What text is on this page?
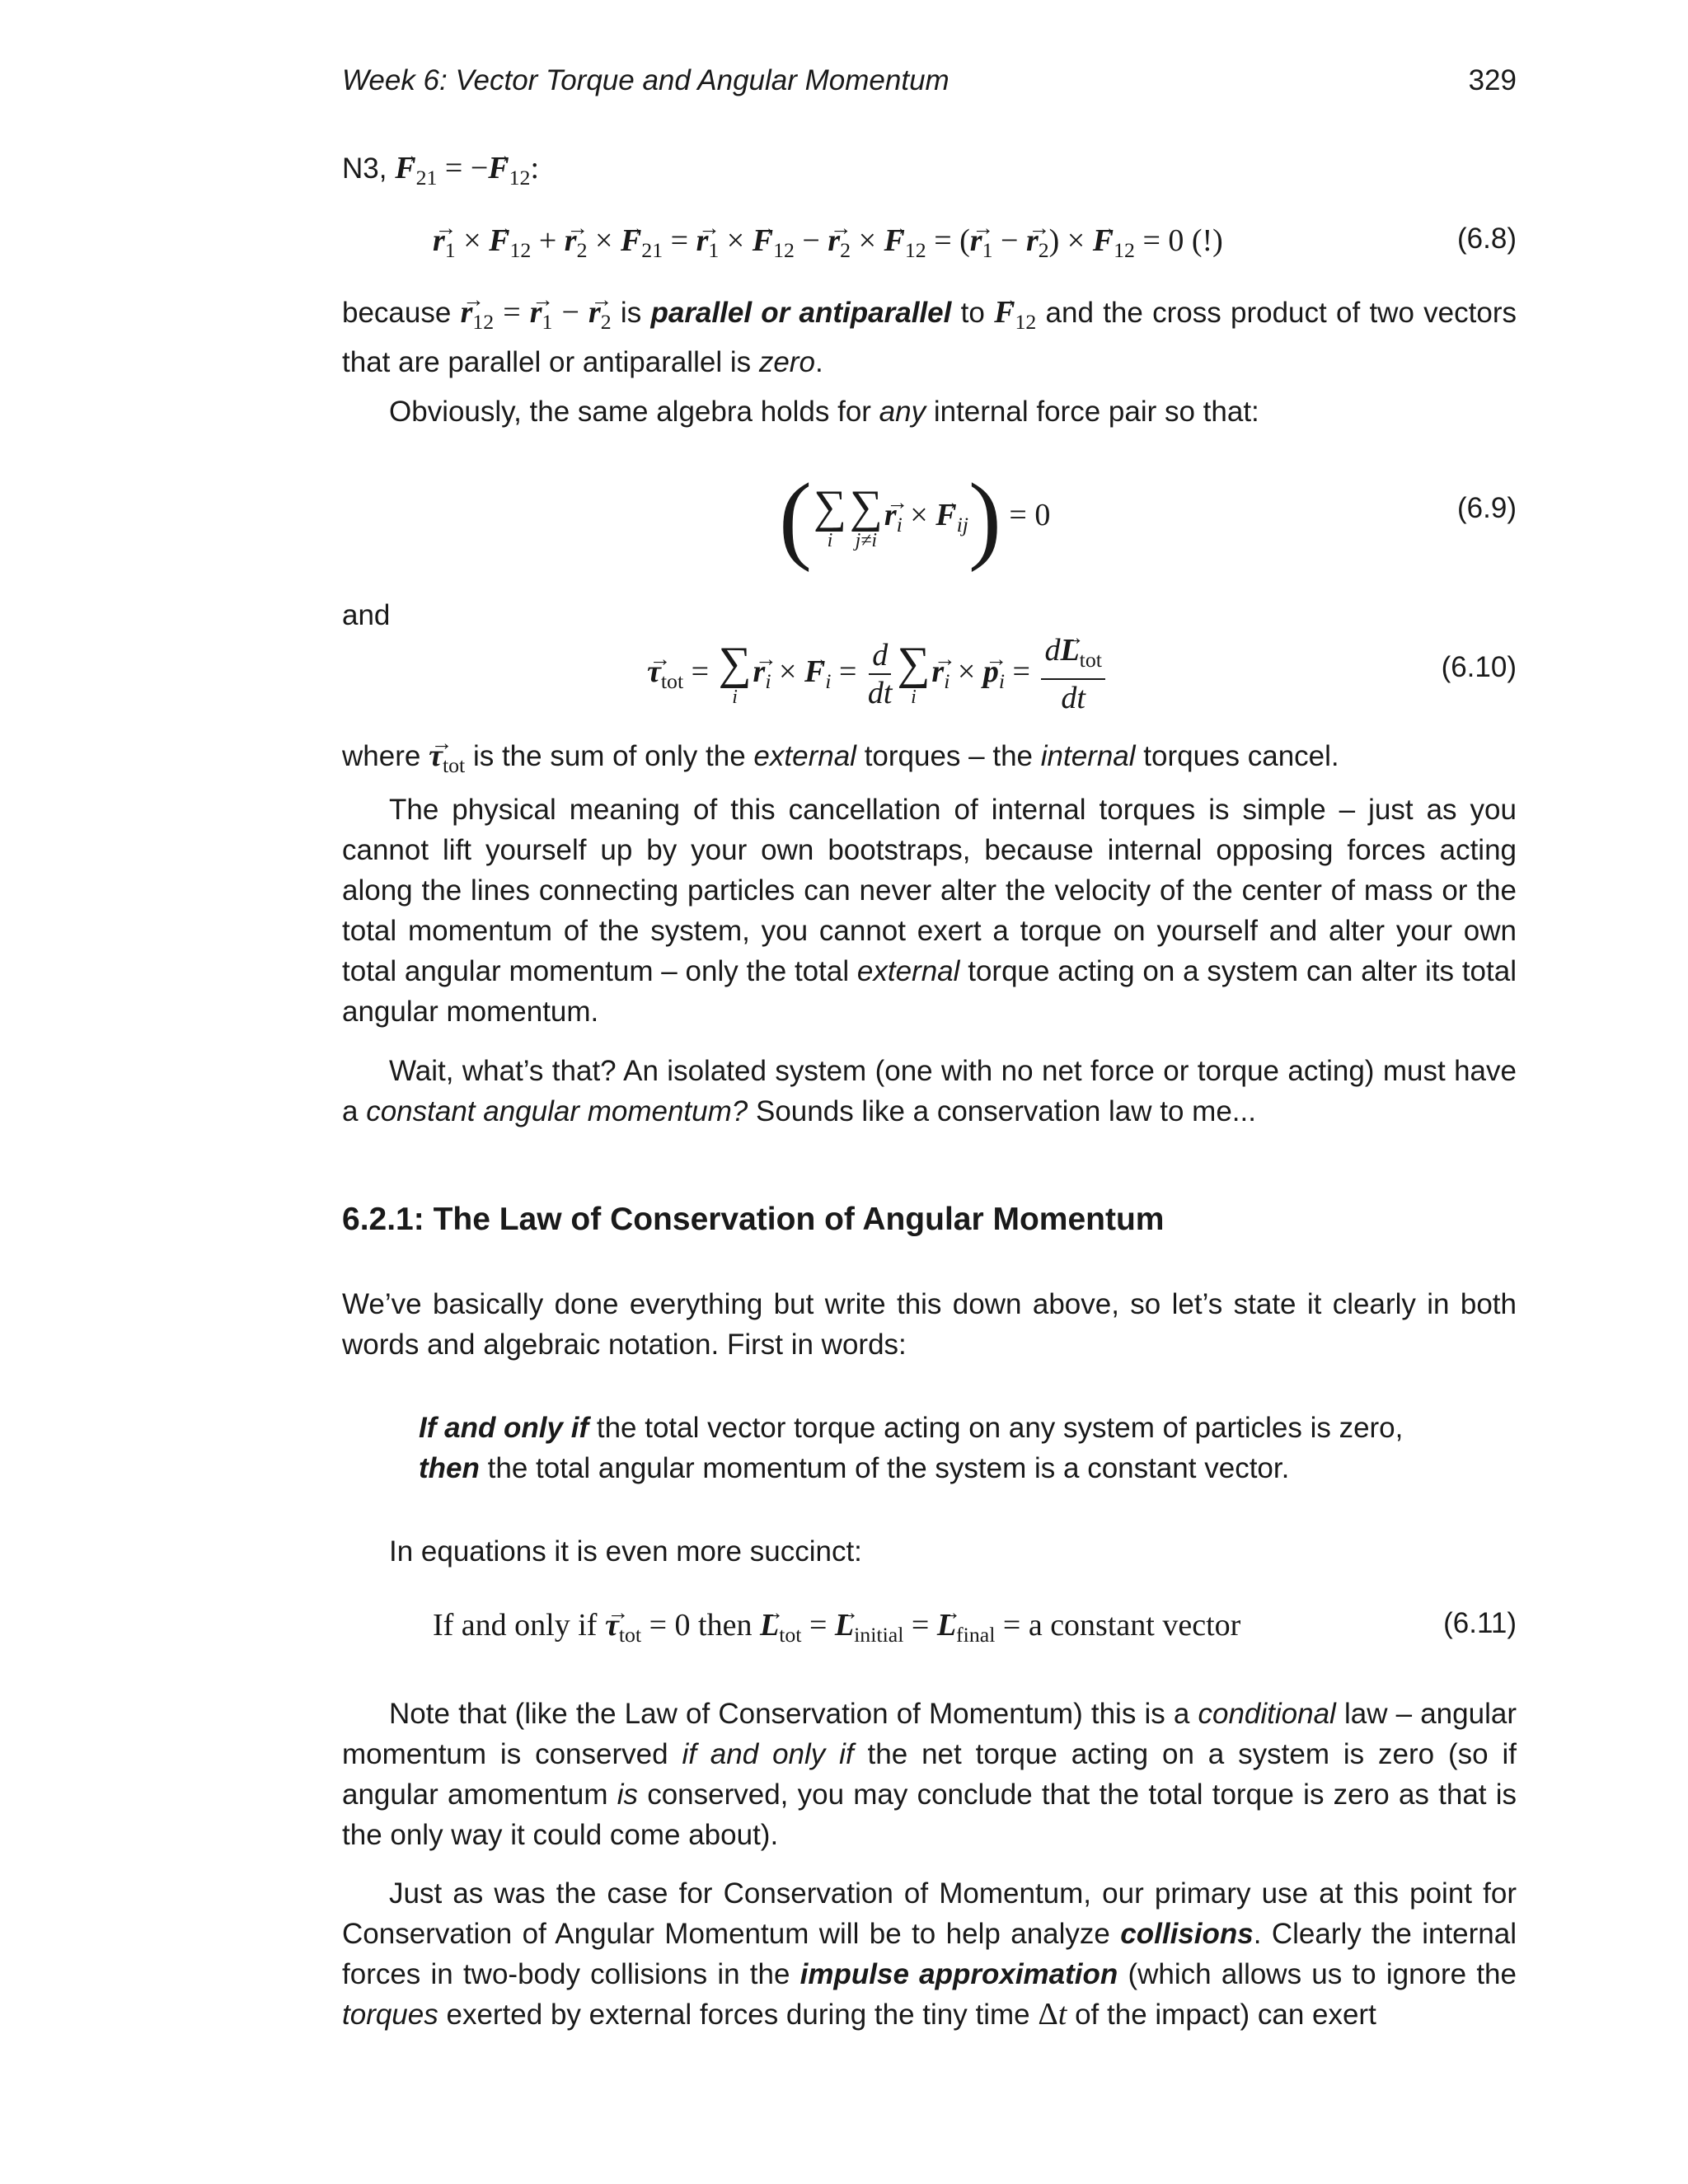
Week 6: Vector Torque and Angular Momentum	329
N3, → $F_{21}$ = −→ $F_{12}$:
→ $r_1$ × → $F_{12}$ + → $r_2$ × → $F_{21}$ = → $r_1$ × → $F_{12}$ − → $r_2$ × → $F_{12}$ = (→ $r_1$ − → $r_2$) × → $F_{12} = 0$ (!)	(6.8)

because → $r_{12}$ = → $r_1$ − → $r_2$ is parallel or antiparallel to → $F_{12}$ and the cross product of two vectors that are parallel or antiparallel is zero.

Obviously, the same algebra holds for any internal force pair so that:

( ∑
i
∑
j≠i
→ $r_i$ × → $F_{ij}) = 0$	(6.9)
and
→ $\tau_{tot}$ = ∑
i
→ $r_i$ × → $F_i = \frac{d}{dt}$ ∑
i
→ $r_i$ × → $p_i = \frac{d\to L_{tot}}{dt}$	(6.10)

where → $\tau_{tot}$ is the sum of only the external torques – the internal torques cancel.

The physical meaning of this cancellation of internal torques is simple – just as you cannot lift yourself up by your own bootstraps, because internal opposing forces acting along the lines connecting particles can never alter the velocity of the center of mass or the total momentum of the system, you cannot exert a torque on yourself and alter your own total angular momentum – only the total external torque acting on a system can alter its total angular momentum.

Wait, what’s that? An isolated system (one with no net force or torque acting) must have a constant angular momentum? Sounds like a conservation law to me...

6.2.1: The Law of Conservation of Angular Momentum

We’ve basically done everything but write this down above, so let’s state it clearly in both words and algebraic notation. First in words:

If and only if the total vector torque acting on any system of particles is zero,

then the total angular momentum of the system is a constant vector.

In equations it is even more succinct:

If and only if → $\tau_{tot} = 0$ then → $L_{tot}$ = → $L_{initial}$ = → $L_{final} = a$ constant vector	(6.11)

Note that (like the Law of Conservation of Momentum) this is a conditional law – angular momentum is conserved if and only if the net torque acting on a system is zero (so if angular amomentum is conserved, you may conclude that the total torque is zero as that is the only way it could come about).

Just as was the case for Conservation of Momentum, our primary use at this point for Conservation of Angular Momentum will be to help analyze collisions. Clearly the internal forces in two-body collisions in the impulse approximation (which allows us to ignore the torques exerted by external forces during the tiny time Δt of the impact) can exert
